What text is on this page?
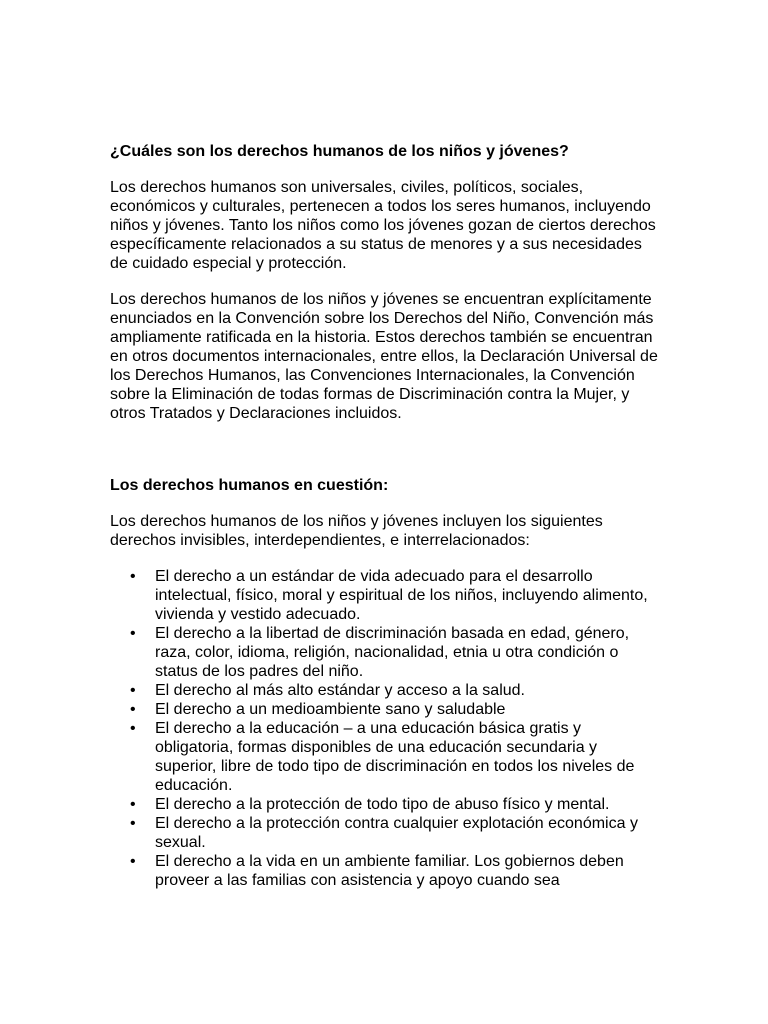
¿Cuáles son los derechos humanos de los niños y jóvenes?

Los derechos humanos son universales, civiles, políticos, sociales, económicos y culturales, pertenecen a todos los seres humanos, incluyendo niños y jóvenes. Tanto los niños como los jóvenes gozan de ciertos derechos específicamente relacionados a su status de menores y a sus necesidades de cuidado especial y protección.

Los derechos humanos de los niños y jóvenes se encuentran explícitamente enunciados en la Convención sobre los Derechos del Niño, Convención más ampliamente ratificada en la historia. Estos derechos también se encuentran en otros documentos internacionales, entre ellos, la Declaración Universal de los Derechos Humanos, las Convenciones Internacionales, la Convención sobre la Eliminación de todas formas de Discriminación contra la Mujer, y otros Tratados y Declaraciones incluidos.

Los derechos humanos en cuestión:

Los derechos humanos de los niños y jóvenes incluyen los siguientes derechos invisibles, interdependientes, e interrelacionados:

• El derecho a un estándar de vida adecuado para el desarrollo intelectual, físico, moral y espiritual de los niños, incluyendo alimento, vivienda y vestido adecuado.
• El derecho a la libertad de discriminación basada en edad, género, raza, color, idioma, religión, nacionalidad, etnia u otra condición o status de los padres del niño.
• El derecho al más alto estándar y acceso a la salud.
• El derecho a un medioambiente sano y saludable
• El derecho a la educación – a una educación básica gratis y obligatoria, formas disponibles de una educación secundaria y superior, libre de todo tipo de discriminación en todos los niveles de educación.
• El derecho a la protección de todo tipo de abuso físico y mental.
• El derecho a la protección contra cualquier explotación económica y sexual.
• El derecho a la vida en un ambiente familiar. Los gobiernos deben proveer a las familias con asistencia y apoyo cuando sea
